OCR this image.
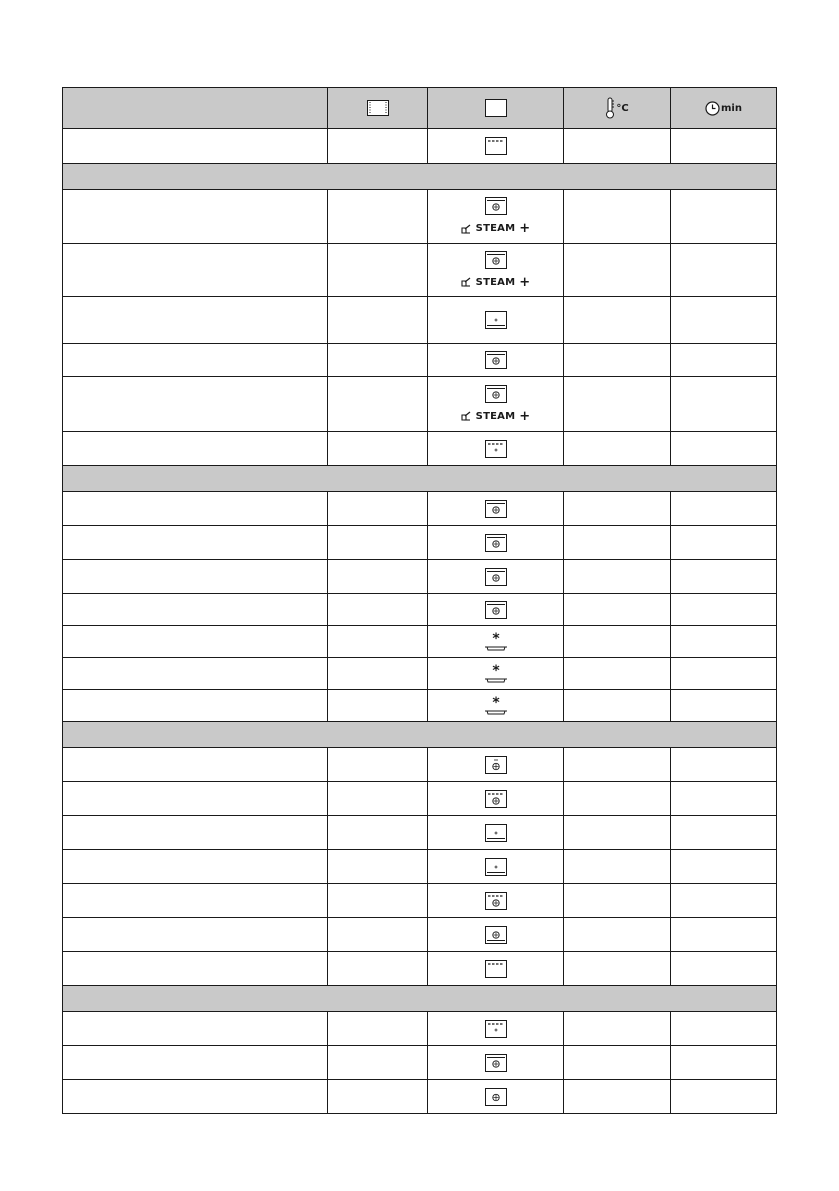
°C	min
STEAM +
STEAM +
STEAM +
*
*
*
